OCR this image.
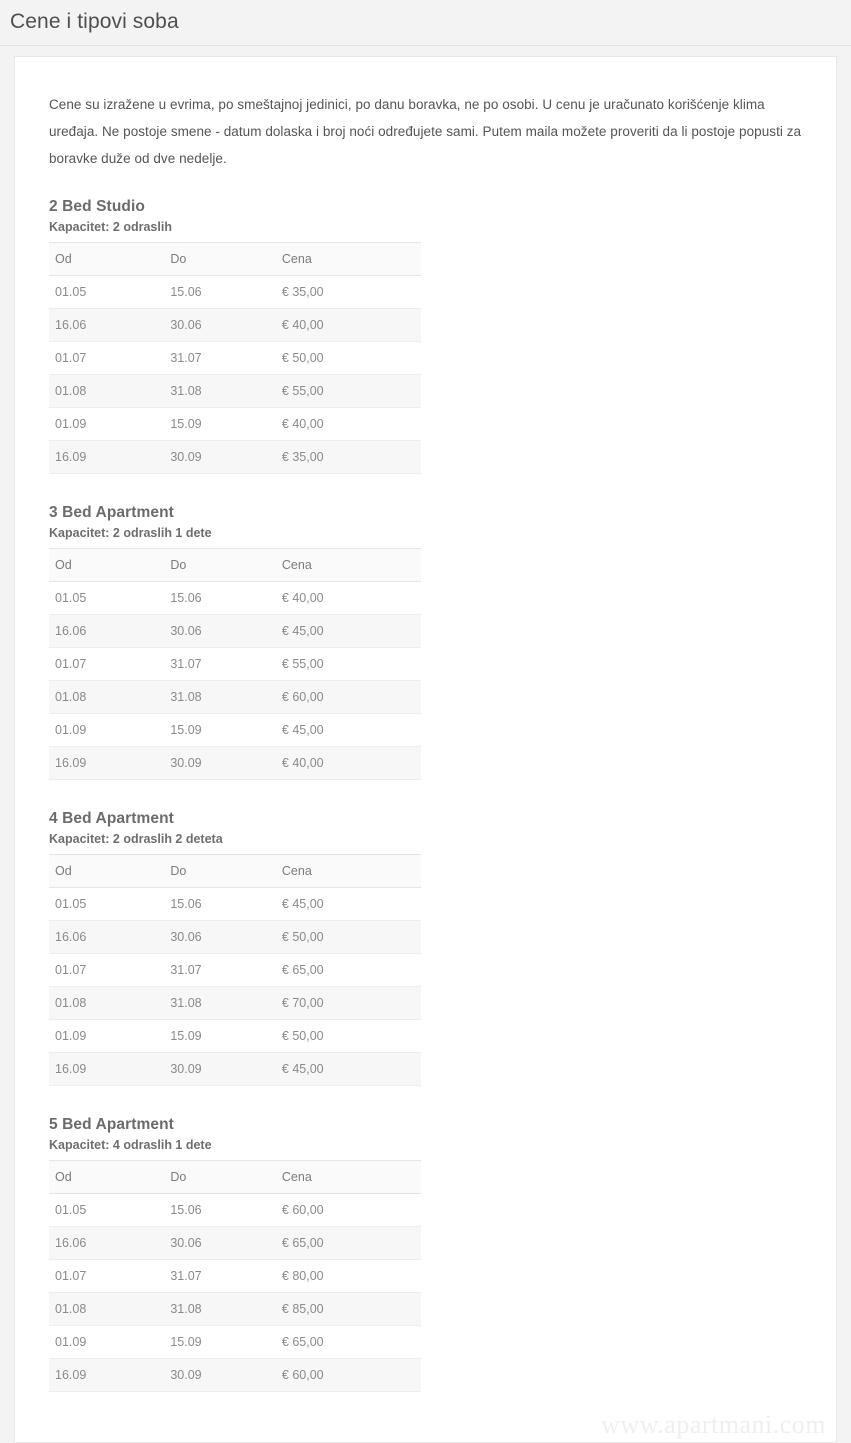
Cene i tipovi soba

Cene su izražene u evrima, po smeštajnoj jedinici, po danu boravka, ne po osobi. U cenu je uračunato korišćenje klima uređaja. Ne postoje smene - datum dolaska i broj noći određujete sami. Putem maila možete proveriti da li postoje popusti za boravke duže od dve nedelje.

2 Bed Studio
Kapacitet: 2 odraslih
Od	Do	Cena
01.05	15.06	€ 35,00
16.06	30.06	€ 40,00
01.07	31.07	€ 50,00
01.08	31.08	€ 55,00
01.09	15.09	€ 40,00
16.09	30.09	€ 35,00
3 Bed Apartment
Kapacitet: 2 odraslih 1 dete
Od	Do	Cena
01.05	15.06	€ 40,00
16.06	30.06	€ 45,00
01.07	31.07	€ 55,00
01.08	31.08	€ 60,00
01.09	15.09	€ 45,00
16.09	30.09	€ 40,00
4 Bed Apartment
Kapacitet: 2 odraslih 2 deteta
Od	Do	Cena
01.05	15.06	€ 45,00
16.06	30.06	€ 50,00
01.07	31.07	€ 65,00
01.08	31.08	€ 70,00
01.09	15.09	€ 50,00
16.09	30.09	€ 45,00
5 Bed Apartment
Kapacitet: 4 odraslih 1 dete
Od	Do	Cena
01.05	15.06	€ 60,00
16.06	30.06	€ 65,00
01.07	31.07	€ 80,00
01.08	31.08	€ 85,00
01.09	15.09	€ 65,00
16.09	30.09	€ 60,00
www.apartmani.com
